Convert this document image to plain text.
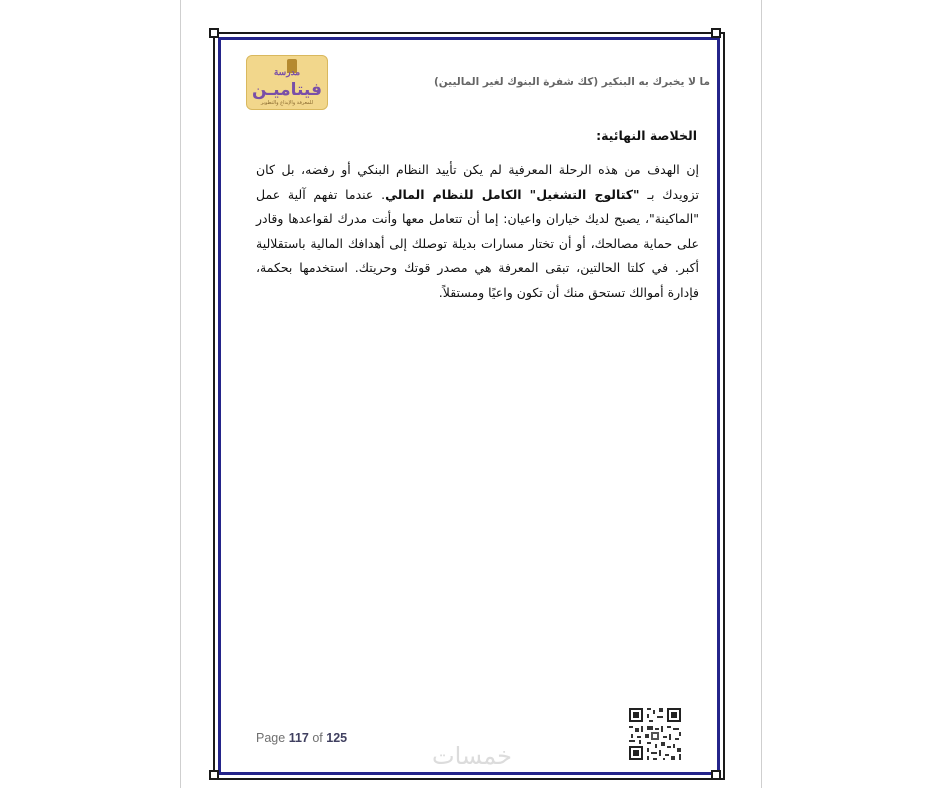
مدرسة
فيتاميـن
للمعرفة والإبداع والتطوير
ما لا يخبرك به البنكير (كك شفرة البنوك لغير الماليين)
الخلاصة النهائية:
إن الهدف من هذه الرحلة المعرفية لم يكن تأييد النظام البنكي أو رفضه، بل كان تزويدك بـ "كتالوج التشغيل" الكامل للنظام المالي. عندما تفهم آلية عمل "الماكينة"، يصبح لديك خياران واعيان: إما أن تتعامل معها وأنت مدرك لقواعدها وقادر على حماية مصالحك، أو أن تختار مسارات بديلة توصلك إلى أهدافك المالية باستقلالية أكبر. في كلتا الحالتين، تبقى المعرفة هي مصدر قوتك وحريتك. استخدمها بحكمة، فإدارة أموالك تستحق منك أن تكون واعيًا ومستقلاً.
Page 117 of 125
خمسات
